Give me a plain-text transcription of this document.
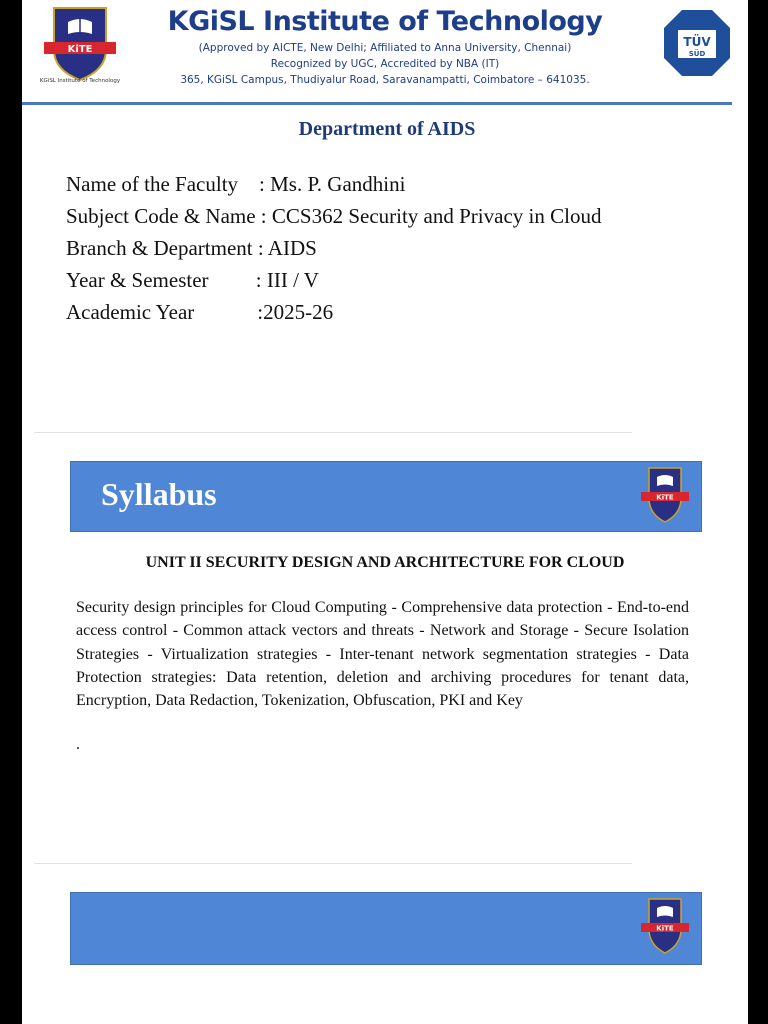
KiTE
KGiSL Institute of Technology
KGiSL Institute of Technology
(Approved by AICTE, New Delhi; Affiliated to Anna University, Chennai)
Recognized by UGC, Accredited by NBA (IT)
365, KGiSL Campus, Thudiyalur Road, Saravanampatti, Coimbatore – 641035.
TÜV
SÜD
Department of AIDS
Name of the Faculty    : Ms. P. Gandhini
Subject Code & Name : CCS362 Security and Privacy in Cloud
Branch & Department : AIDS
Year & Semester         : III / V
Academic Year            :2025-26
Syllabus	KiTE
UNIT II SECURITY DESIGN AND ARCHITECTURE FOR CLOUD
Security design principles for Cloud Computing - Comprehensive data protection - End-to-end access control - Common attack vectors and threats - Network and Storage - Secure Isolation Strategies - Virtualization strategies - Inter-tenant network segmentation strategies - Data Protection strategies: Data retention, deletion and archiving procedures for tenant data, Encryption, Data Redaction, Tokenization, Obfuscation, PKI and Key
.
KiTE
